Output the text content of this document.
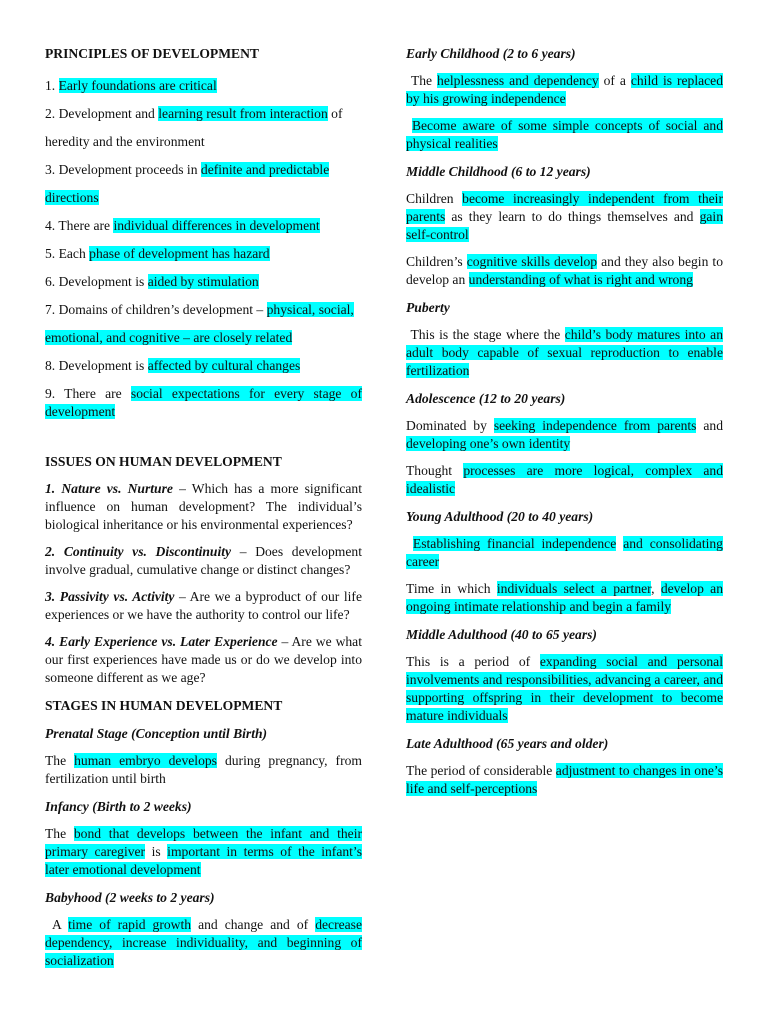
PRINCIPLES OF DEVELOPMENT
1. Early foundations are critical
2. Development and learning result from interaction of
heredity and the environment
3. Development proceeds in definite and predictable
directions
4. There are individual differences in development
5. Each phase of development has hazard
6. Development is aided by stimulation
7. Domains of children’s development – physical, social,
emotional, and cognitive – are closely related
8. Development is affected by cultural changes
9. There are social expectations for every stage of development
ISSUES ON HUMAN DEVELOPMENT
1. Nature vs. Nurture – Which has a more significant influence on human development? The individual’s biological inheritance or his environmental experiences?
2. Continuity vs. Discontinuity – Does development involve gradual, cumulative change or distinct changes?
3. Passivity vs. Activity – Are we a byproduct of our life experiences or we have the authority to control our life?
4. Early Experience vs. Later Experience – Are we what our first experiences have made us or do we develop into someone different as we age?
STAGES IN HUMAN DEVELOPMENT
Prenatal Stage (Conception until Birth)
The human embryo develops during pregnancy, from fertilization until birth
Infancy (Birth to 2 weeks)
The bond that develops between the infant and their primary caregiver is important in terms of the infant’s later emotional development
Babyhood (2 weeks to 2 years)
A time of rapid growth and change and of decrease dependency, increase individuality, and beginning of socialization
Early Childhood (2 to 6 years)
The helplessness and dependency of a child is replaced by his growing independence
Become aware of some simple concepts of social and physical realities
Middle Childhood (6 to 12 years)
Children become increasingly independent from their parents as they learn to do things themselves and gain self-control
Children’s cognitive skills develop and they also begin to develop an understanding of what is right and wrong
Puberty
This is the stage where the child’s body matures into an adult body capable of sexual reproduction to enable fertilization
Adolescence (12 to 20 years)
Dominated by seeking independence from parents and developing one’s own identity
Thought processes are more logical, complex and idealistic
Young Adulthood (20 to 40 years)
Establishing financial independence and consolidating career
Time in which individuals select a partner, develop an ongoing intimate relationship and begin a family
Middle Adulthood (40 to 65 years)
This is a period of expanding social and personal involvements and responsibilities, advancing a career, and supporting offspring in their development to become mature individuals
Late Adulthood (65 years and older)
The period of considerable adjustment to changes in one’s life and self-perceptions
